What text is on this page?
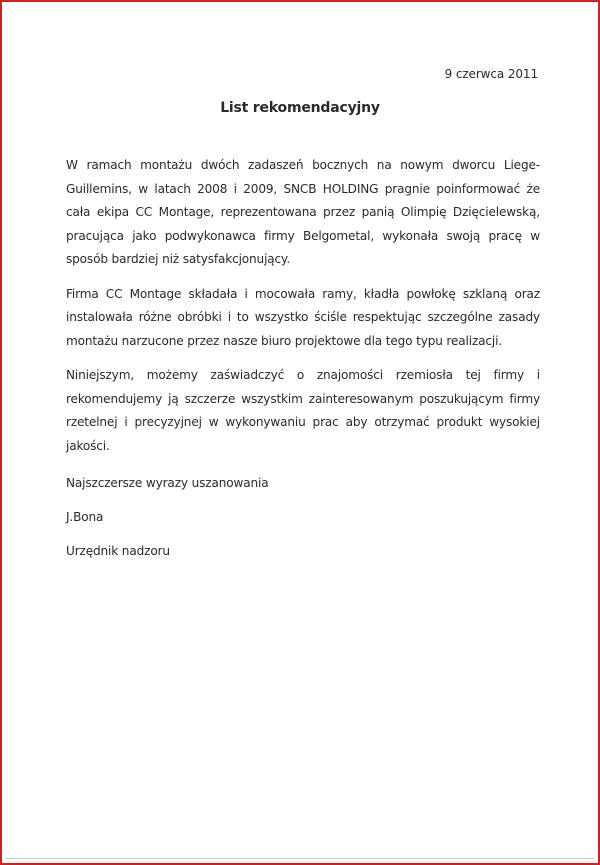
9 czerwca 2011
List rekomendacyjny

W ramach montażu dwóch zadaszeń bocznych na nowym dworcu Liege-Guillemins, w latach 2008 i 2009, SNCB HOLDING pragnie poinformować że cała ekipa CC Montage, reprezentowana przez panią Olimpię Dzięcielewską, pracująca jako podwykonawca firmy Belgometal, wykonała swoją pracę w sposób bardziej niż satysfakcjonujący.

Firma CC Montage składała i mocowała ramy, kładła powłokę szklaną oraz instalowała różne obróbki i to wszystko ściśle respektując szczególne zasady montażu narzucone przez nasze biuro projektowe dla tego typu realizacji.

Niniejszym, możemy zaświadczyć o znajomości rzemiosła tej firmy i rekomendujemy ją szczerze wszystkim zainteresowanym poszukującym firmy rzetelnej i precyzyjnej w wykonywaniu prac aby otrzymać produkt wysokiej jakości.

Najszczersze wyrazy uszanowania
J.Bona
Urzędnik nadzoru
